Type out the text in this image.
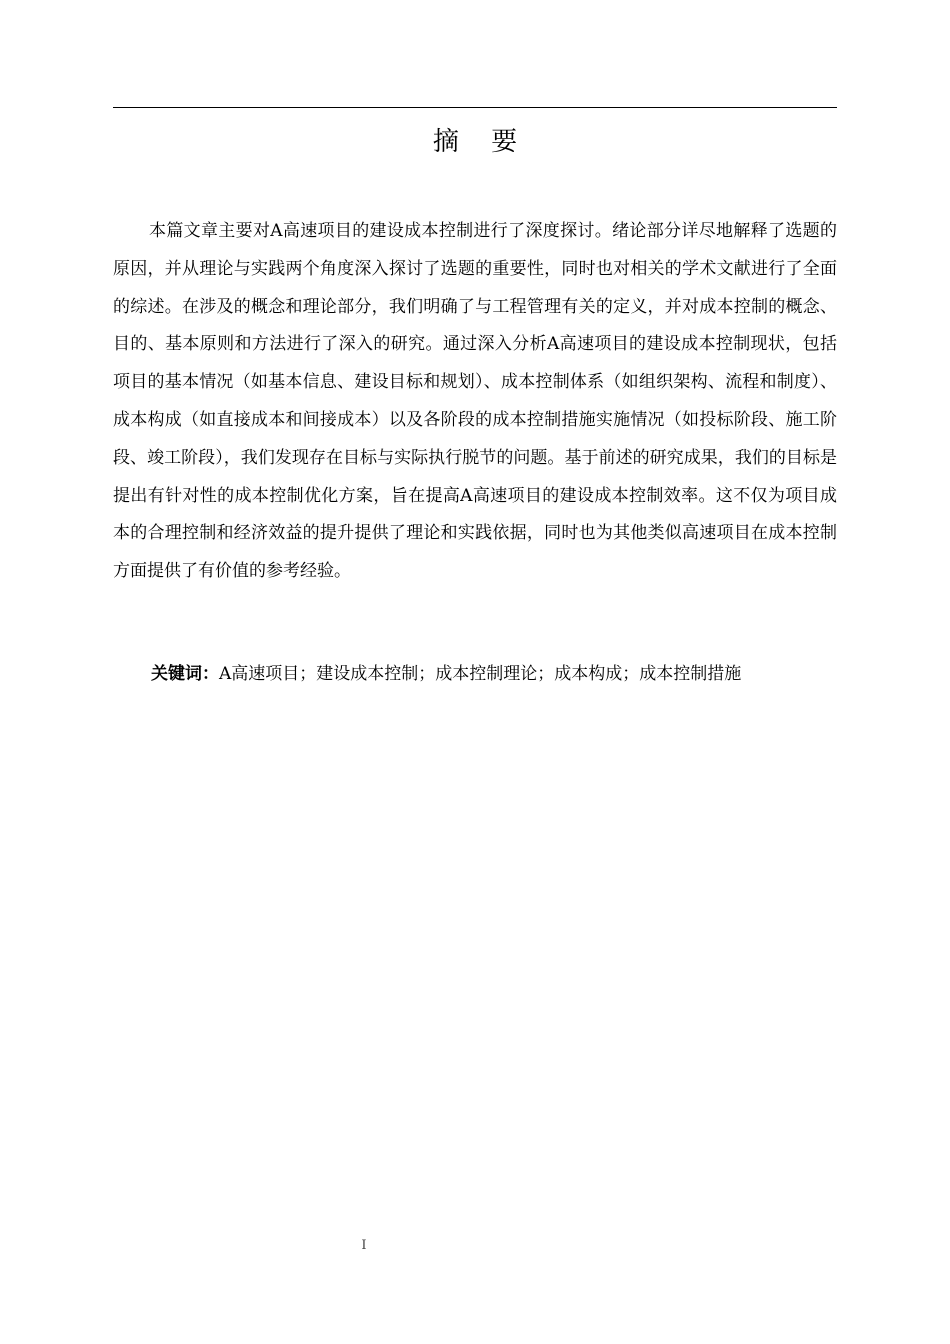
摘 要

本篇文章主要对A高速项目的建设成本控制进行了深度探讨。绪论部分详尽地解释了选题的原因，并从理论与实践两个角度深入探讨了选题的重要性，同时也对相关的学术文献进行了全面的综述。在涉及的概念和理论部分，我们明确了与工程管理有关的定义，并对成本控制的概念、目的、基本原则和方法进行了深入的研究。通过深入分析A高速项目的建设成本控制现状，包括项目的基本情况（如基本信息、建设目标和规划）、成本控制体系（如组织架构、流程和制度）、成本构成（如直接成本和间接成本）以及各阶段的成本控制措施实施情况（如投标阶段、施工阶段、竣工阶段），我们发现存在目标与实际执行脱节的问题。基于前述的研究成果，我们的目标是提出有针对性的成本控制优化方案，旨在提高A高速项目的建设成本控制效率。这不仅为项目成本的合理控制和经济效益的提升提供了理论和实践依据，同时也为其他类似高速项目在成本控制方面提供了有价值的参考经验。

关键词：A高速项目；建设成本控制；成本控制理论；成本构成；成本控制措施

I
